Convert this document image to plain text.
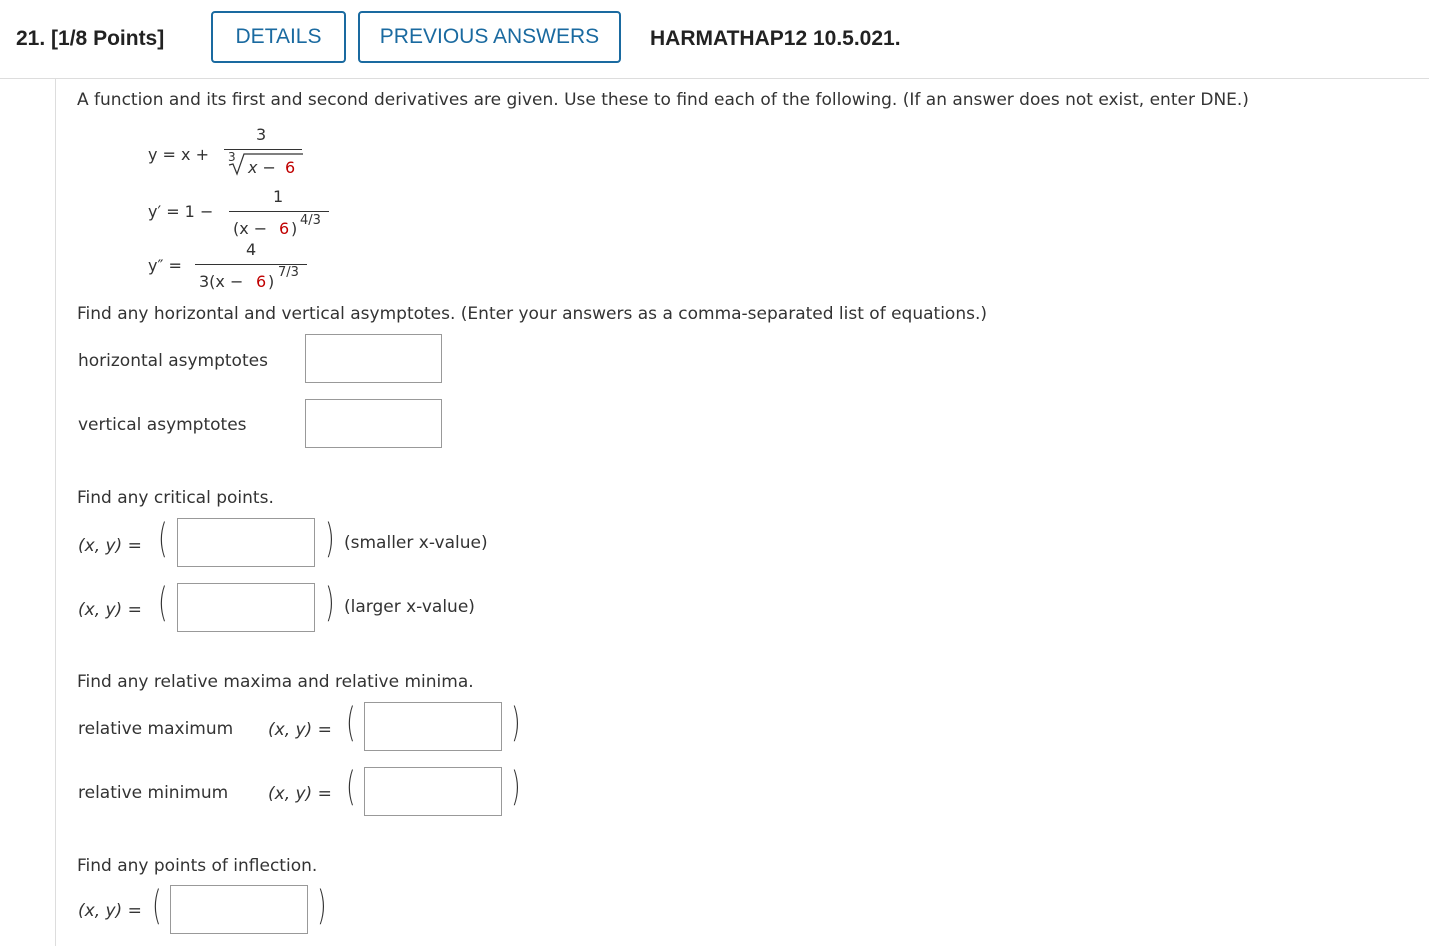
21. [1/8 Points]	DETAILS	PREVIOUS ANSWERS	HARMATHAP12 10.5.021.
A function and its first and second derivatives are given. Use these to find each of the following. (If an answer does not exist, enter DNE.)
y = x +
3
3
x − 6
y′ = 1 −
1
(x − 6 ) 4/3
y″ =
4
3(x − 6 ) 7/3
Find any horizontal and vertical asymptotes. (Enter your answers as a comma-separated list of equations.)
horizontal asymptotes
vertical asymptotes
Find any critical points.
(x, y) = (	) (smaller x-value)
(x, y) = (	) (larger x-value)
Find any relative maxima and relative minima.
relative maximum (x, y) = (	)
relative minimum (x, y) = (	)
Find any points of inflection.
(x, y) = (	)
